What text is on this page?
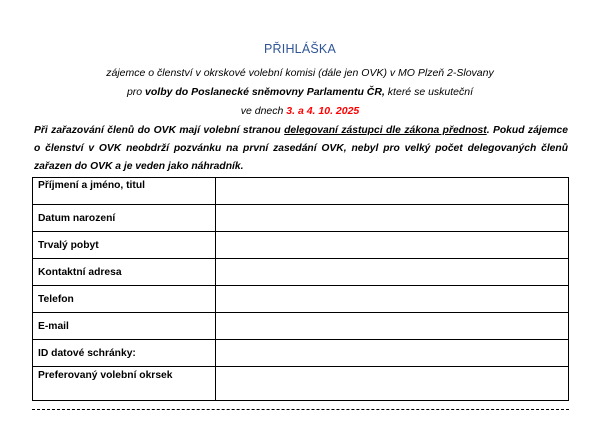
PŘIHLÁŠKA
zájemce o členství v okrskové volební komisi (dále jen OVK) v MO Plzeň 2-Slovany
pro volby do Poslanecké sněmovny Parlamentu ČR, které se uskuteční
ve dnech 3. a 4. 10. 2025
Při zařazování členů do OVK mají volební stranou delegovaní zástupci dle zákona přednost. Pokud zájemce
o členství v OVK neobdrží pozvánku na první zasedání OVK, nebyl pro velký počet delegovaných členů
zařazen do OVK a je veden jako náhradník.
Příjmení a jméno, titul	
Datum narození	
Trvalý pobyt	
Kontaktní adresa	
Telefon	
E-mail	
ID datové schránky:	
Preferovaný volební okrsek	
